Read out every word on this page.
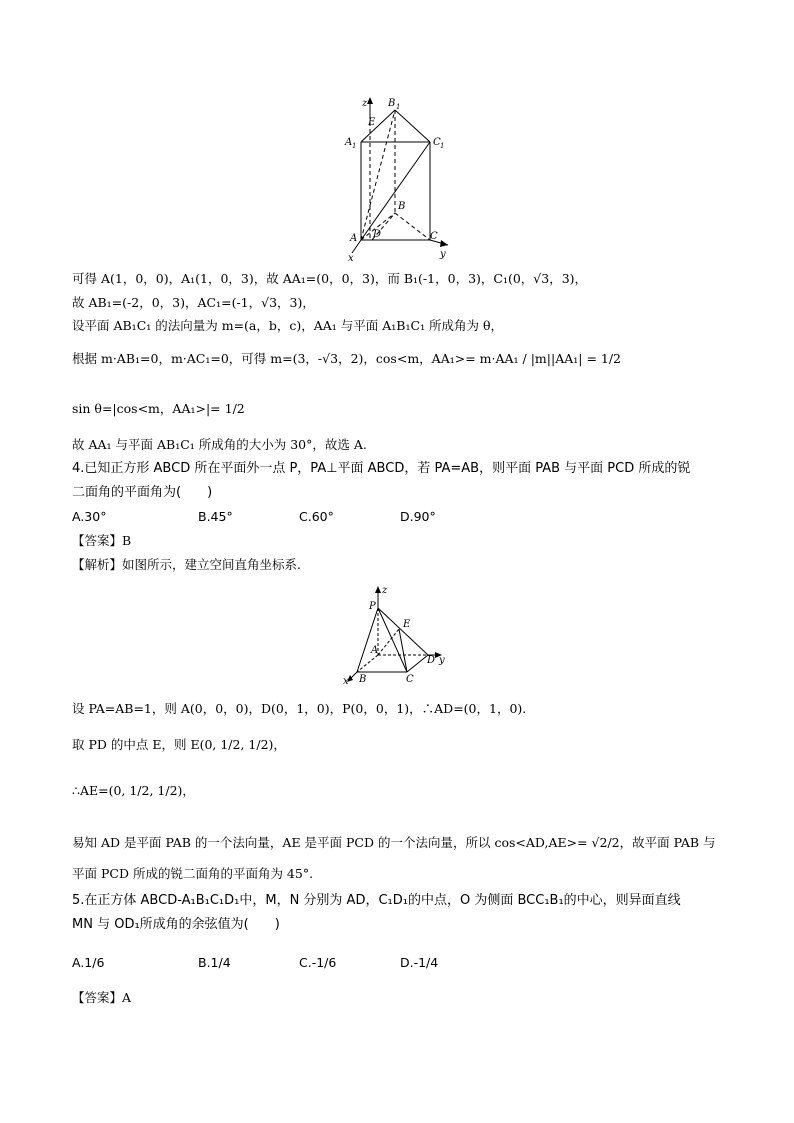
z B 1
E
A 1	C 1
B
A D	C
x	y
可得 A(1，0，0)，A₁(1，0，3)，故 AA₁=(0，0，3)，而 B₁(-1，0，3)，C₁(0，√3，3)，
故 AB₁=(-2，0，3)，AC₁=(-1，√3，3)，
设平面 AB₁C₁ 的法向量为 m=(a，b，c)，AA₁ 与平面 A₁B₁C₁ 所成角为 θ，
根据 m·AB₁=0，m·AC₁=0，可得 m=(3，-√3，2)，cos<m，AA₁>= m·AA₁ / |m||AA₁| = 1/2
sin θ=|cos<m，AA₁>|= 1/2
故 AA₁ 与平面 AB₁C₁ 所成角的大小为 30°，故选 A.
4.已知正方形 ABCD 所在平面外一点 P，PA⊥平面 ABCD，若 PA=AB，则平面 PAB 与平面 PCD 所成的锐
二面角的平面角为(　　)
A.30°	B.45°	C.60°	D.90°
【答案】B
【解析】如图所示，建立空间直角坐标系.
z
P
E
A
D y
x B	C
设 PA=AB=1，则 A(0，0，0)，D(0，1，0)，P(0，0，1)，∴AD=(0，1，0).
取 PD 的中点 E，则 E(0, 1/2, 1/2)，
∴AE=(0, 1/2, 1/2)，
易知 AD 是平面 PAB 的一个法向量，AE 是平面 PCD 的一个法向量，所以 cos<AD,AE>= √2/2，故平面 PAB 与
平面 PCD 所成的锐二面角的平面角为 45°.
5.在正方体 ABCD-A₁B₁C₁D₁中，M，N 分别为 AD，C₁D₁的中点，O 为侧面 BCC₁B₁的中心，则异面直线
MN 与 OD₁所成角的余弦值为(　　)
A.1/6	B.1/4	C.-1/6	D.-1/4
【答案】A
